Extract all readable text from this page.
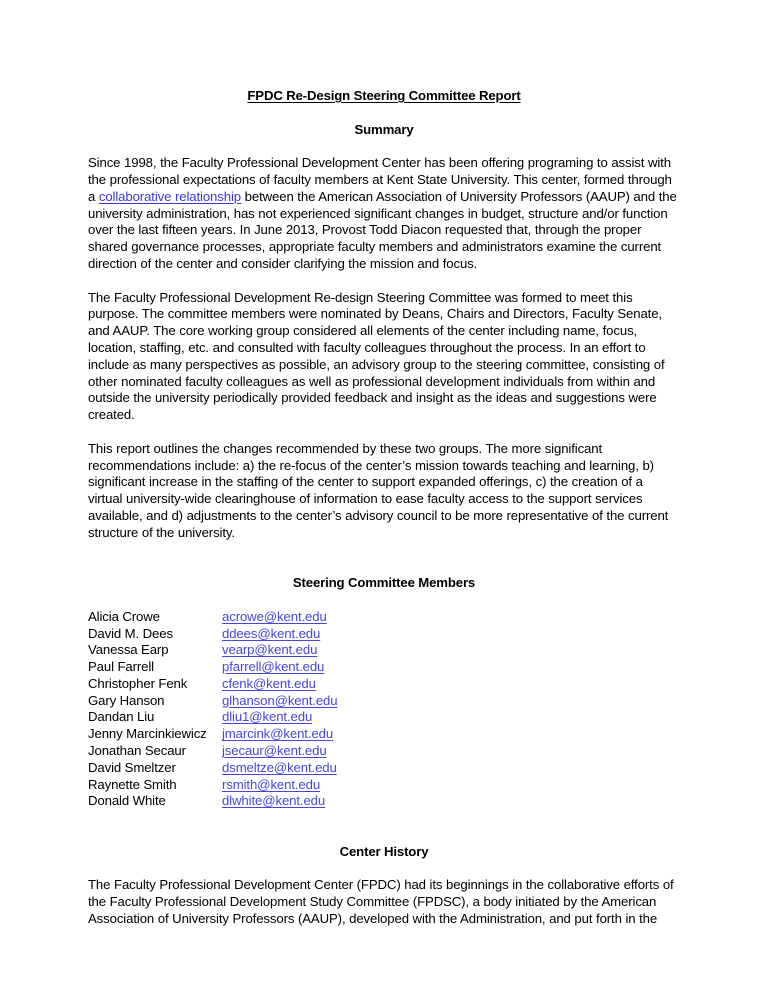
FPDC Re-Design Steering Committee Report
Summary

Since 1998, the Faculty Professional Development Center has been offering programing to assist with the professional expectations of faculty members at Kent State University. This center, formed through a collaborative relationship between the American Association of University Professors (AAUP) and the university administration, has not experienced significant changes in budget, structure and/or function over the last fifteen years. In June 2013, Provost Todd Diacon requested that, through the proper shared governance processes, appropriate faculty members and administrators examine the current direction of the center and consider clarifying the mission and focus.

The Faculty Professional Development Re-design Steering Committee was formed to meet this purpose. The committee members were nominated by Deans, Chairs and Directors, Faculty Senate, and AAUP. The core working group considered all elements of the center including name, focus, location, staffing, etc. and consulted with faculty colleagues throughout the process. In an effort to include as many perspectives as possible, an advisory group to the steering committee, consisting of other nominated faculty colleagues as well as professional development individuals from within and outside the university periodically provided feedback and insight as the ideas and suggestions were created.

This report outlines the changes recommended by these two groups. The more significant recommendations include: a) the re-focus of the center’s mission towards teaching and learning, b) significant increase in the staffing of the center to support expanded offerings, c) the creation of a virtual university-wide clearinghouse of information to ease faculty access to the support services available, and d) adjustments to the center’s advisory council to be more representative of the current structure of the university.

Steering Committee Members
Alicia Crowe	acrowe@kent.edu
David M. Dees	ddees@kent.edu
Vanessa Earp	vearp@kent.edu
Paul Farrell	pfarrell@kent.edu
Christopher Fenk	cfenk@kent.edu
Gary Hanson	glhanson@kent.edu
Dandan Liu	dliu1@kent.edu
Jenny Marcinkiewicz	jmarcink@kent.edu
Jonathan Secaur	jsecaur@kent.edu
David Smeltzer	dsmeltze@kent.edu
Raynette Smith	rsmith@kent.edu
Donald White	dlwhite@kent.edu
Center History

The Faculty Professional Development Center (FPDC) had its beginnings in the collaborative efforts of the Faculty Professional Development Study Committee (FPDSC), a body initiated by the American Association of University Professors (AAUP), developed with the Administration, and put forth in the
